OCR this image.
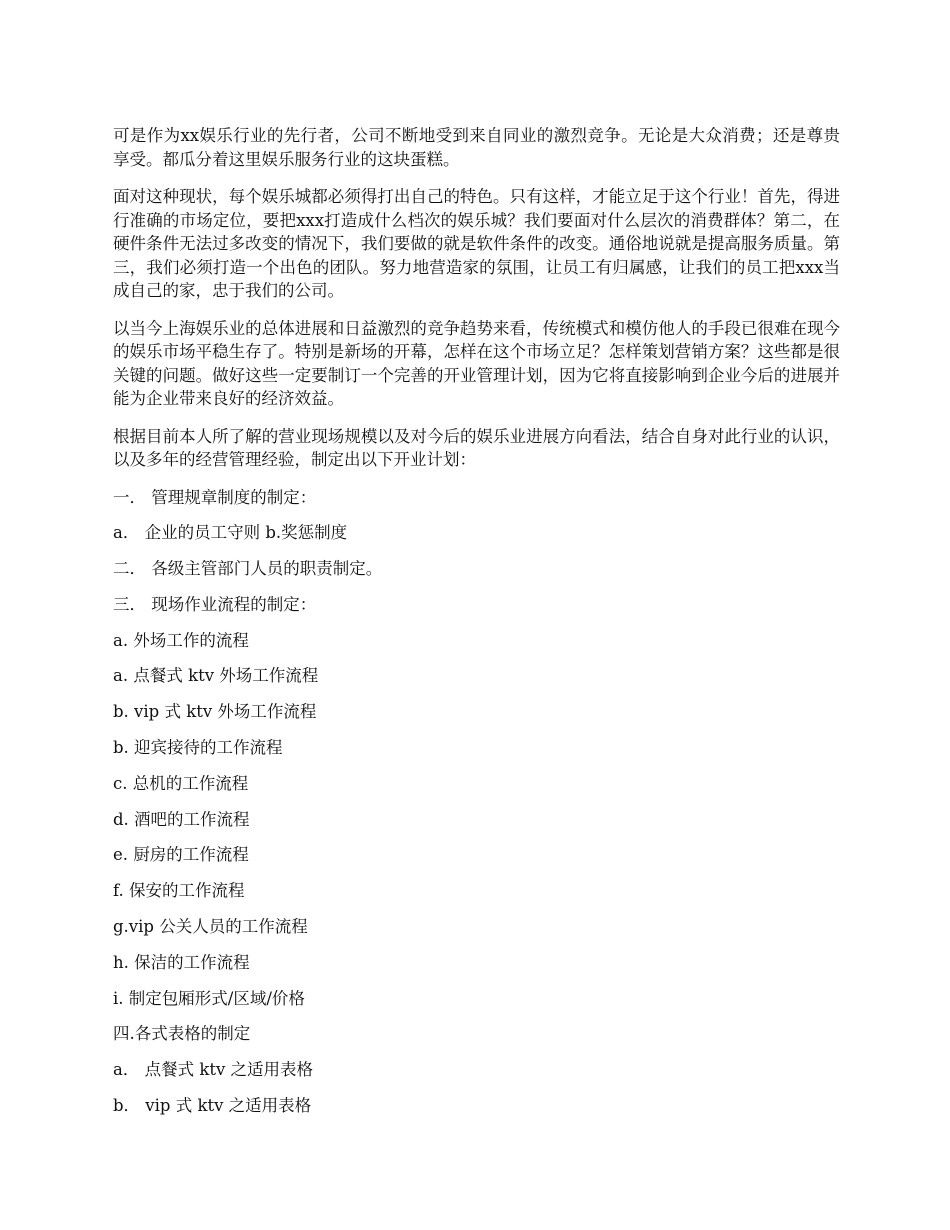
可是作为xx娱乐行业的先行者，公司不断地受到来自同业的激烈竞争。无论是大众消费；还是尊贵享受。都瓜分着这里娱乐服务行业的这块蛋糕。

面对这种现状，每个娱乐城都必须得打出自己的特色。只有这样，才能立足于这个行业！首先，得进行准确的市场定位，要把xxx打造成什么档次的娱乐城？我们要面对什么层次的消费群体？第二，在硬件条件无法过多改变的情况下，我们要做的就是软件条件的改变。通俗地说就是提高服务质量。第三，我们必须打造一个出色的团队。努力地营造家的氛围，让员工有归属感，让我们的员工把xxx当成自己的家，忠于我们的公司。

以当今上海娱乐业的总体进展和日益激烈的竞争趋势来看，传统模式和模仿他人的手段已很难在现今的娱乐市场平稳生存了。特别是新场的开幕，怎样在这个市场立足？怎样策划营销方案？这些都是很关键的问题。做好这些一定要制订一个完善的开业管理计划，因为它将直接影响到企业今后的进展并能为企业带来良好的经济效益。

根据目前本人所了解的营业现场规模以及对今后的娱乐业进展方向看法，结合自身对此行业的认识，以及多年的经营管理经验，制定出以下开业计划：

一． 管理规章制度的制定：

a． 企业的员工守则 b.奖惩制度

二． 各级主管部门人员的职责制定。

三． 现场作业流程的制定：

a. 外场工作的流程

a. 点餐式 ktv 外场工作流程

b. vip 式 ktv 外场工作流程

b. 迎宾接待的工作流程

c. 总机的工作流程

d. 酒吧的工作流程

e. 厨房的工作流程

f. 保安的工作流程

g.vip 公关人员的工作流程

h. 保洁的工作流程

i. 制定包厢形式/区域/价格

四.各式表格的制定

a． 点餐式 ktv 之适用表格

b． vip 式 ktv 之适用表格
